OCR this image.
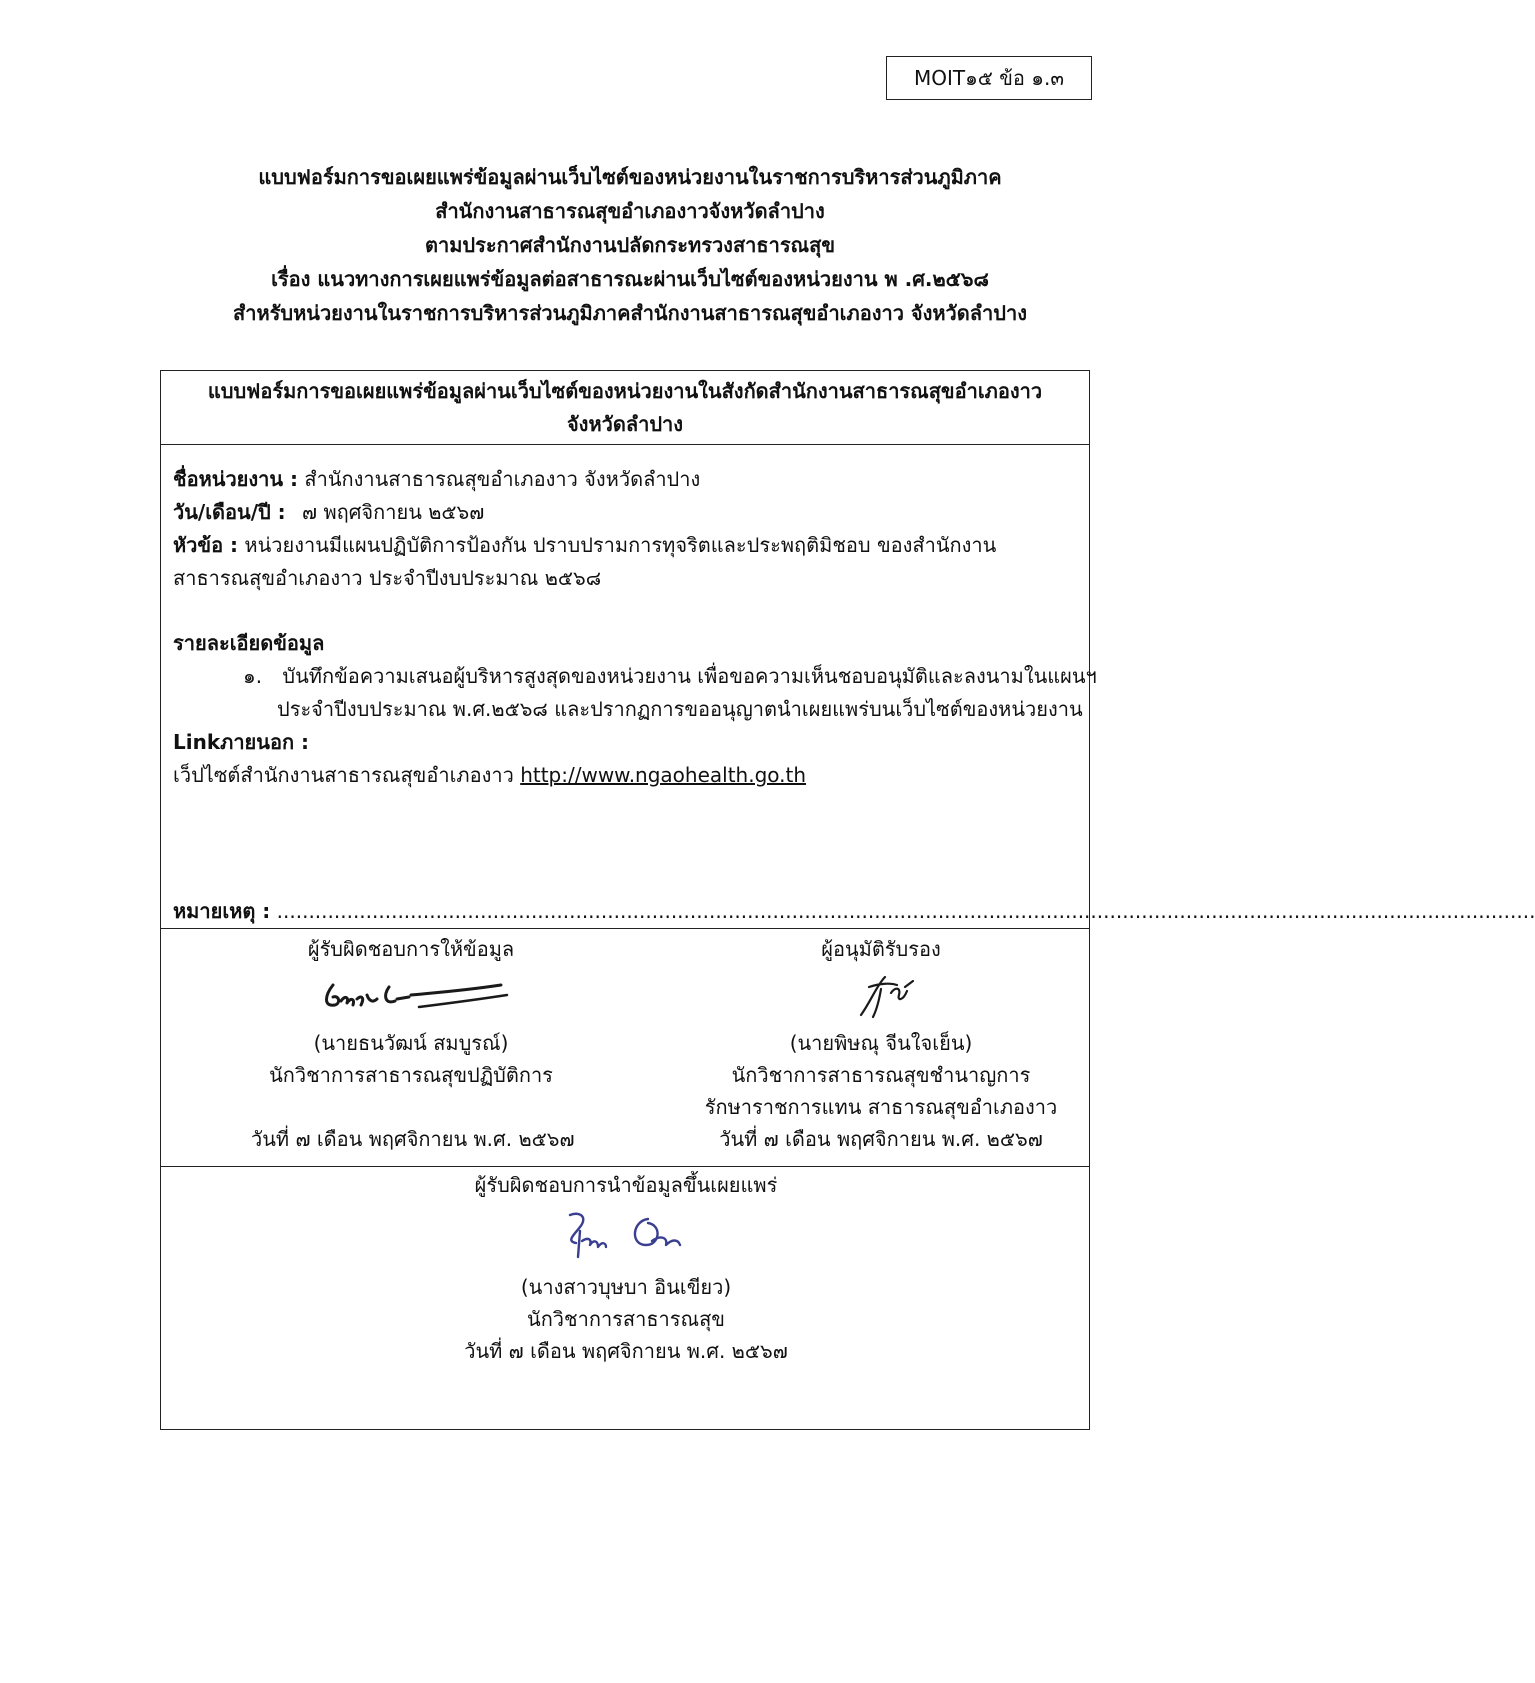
MOIT๑๕ ข้อ ๑.๓
แบบฟอร์มการขอเผยแพร่ข้อมูลผ่านเว็บไซต์ของหน่วยงานในราชการบริหารส่วนภูมิภาค
สำนักงานสาธารณสุขอำเภองาวจังหวัดลำปาง
ตามประกาศสำนักงานปลัดกระทรวงสาธารณสุข
เรื่อง แนวทางการเผยแพร่ข้อมูลต่อสาธารณะผ่านเว็บไซต์ของหน่วยงาน พ .ศ.๒๕๖๘
สำหรับหน่วยงานในราชการบริหารส่วนภูมิภาคสำนักงานสาธารณสุขอำเภองาว จังหวัดลำปาง
แบบฟอร์มการขอเผยแพร่ข้อมูลผ่านเว็บไซต์ของหน่วยงานในสังกัดสำนักงานสาธารณสุขอำเภองาว
จังหวัดลำปาง
ชื่อหน่วยงาน : สำนักงานสาธารณสุขอำเภองาว จังหวัดลำปาง
วัน/เดือน/ปี : ๗ พฤศจิกายน ๒๕๖๗
หัวข้อ : หน่วยงานมีแผนปฏิบัติการป้องกัน ปราบปรามการทุจริตและประพฤติมิชอบ ของสำนักงาน
สาธารณสุขอำเภองาว ประจำปีงบประมาณ ๒๕๖๘
รายละเอียดข้อมูล
๑. บันทึกข้อความเสนอผู้บริหารสูงสุดของหน่วยงาน เพื่อขอความเห็นชอบอนุมัติและลงนามในแผนฯ
ประจำปีงบประมาณ พ.ศ.๒๕๖๘ และปรากฏการขออนุญาตนำเผยแพร่บนเว็บไซต์ของหน่วยงาน
Linkภายนอก :
เว็ปไซต์สำนักงานสาธารณสุขอำเภองาว http://www.ngaohealth.go.th
หมายเหตุ : ......................................................................................................................................................................................................
ผู้รับผิดชอบการให้ข้อมูล
(นายธนวัฒน์ สมบูรณ์)
นักวิชาการสาธารณสุขปฏิบัติการ
วันที่ ๗ เดือน พฤศจิกายน พ.ศ. ๒๕๖๗
ผู้อนุมัติรับรอง
(นายพิษณุ จีนใจเย็น)
นักวิชาการสาธารณสุขชำนาญการ
รักษาราชการแทน สาธารณสุขอำเภองาว
วันที่ ๗ เดือน พฤศจิกายน พ.ศ. ๒๕๖๗
ผู้รับผิดชอบการนำข้อมูลขึ้นเผยแพร่
(นางสาวบุษบา อินเขียว)
นักวิชาการสาธารณสุข
วันที่ ๗ เดือน พฤศจิกายน พ.ศ. ๒๕๖๗
